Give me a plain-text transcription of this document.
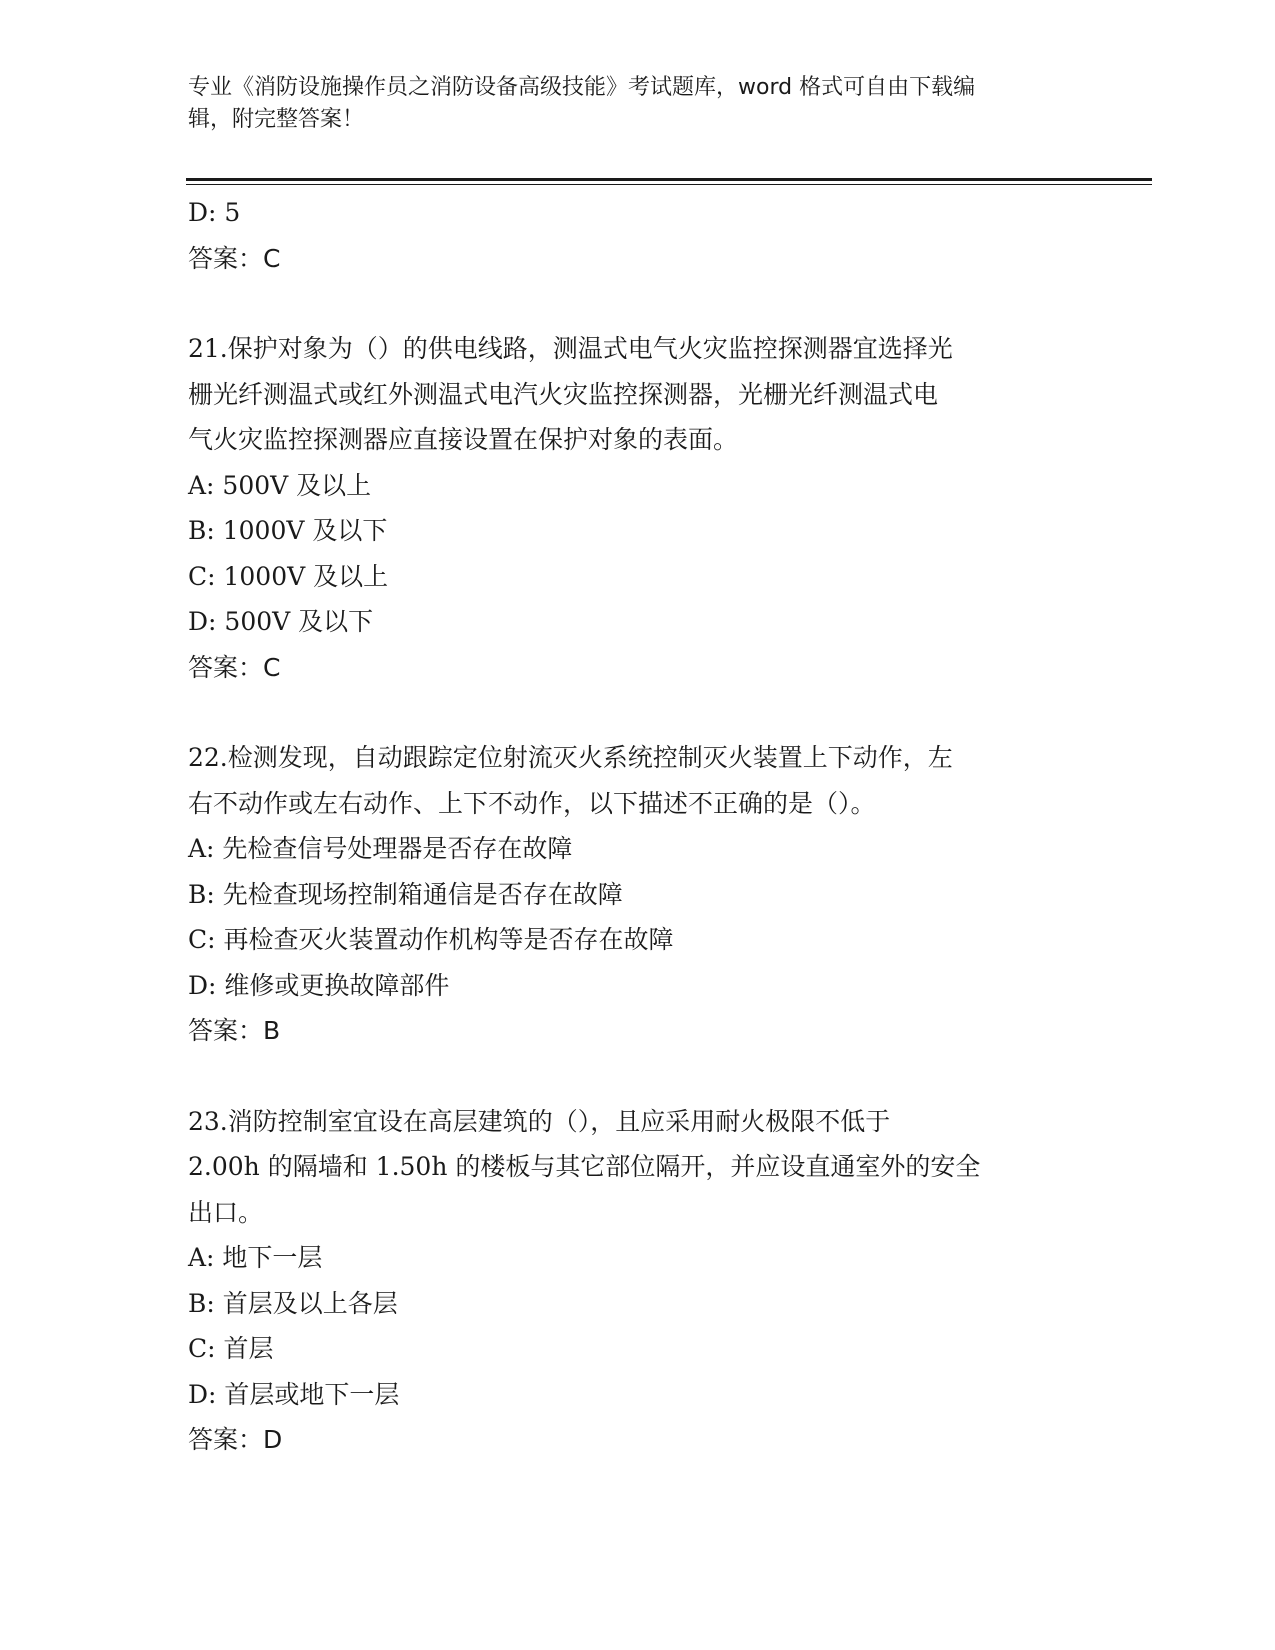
专业《消防设施操作员之消防设备高级技能》考试题库，word 格式可自由下载编
辑，附完整答案！
D: 5
答案：C
21.保护对象为（）的供电线路，测温式电气火灾监控探测器宜选择光
栅光纤测温式或红外测温式电汽火灾监控探测器，光栅光纤测温式电
气火灾监控探测器应直接设置在保护对象的表面。
A: 500V 及以上
B: 1000V 及以下
C: 1000V 及以上
D: 500V 及以下
答案：C
22.检测发现，自动跟踪定位射流灭火系统控制灭火装置上下动作，左
右不动作或左右动作、上下不动作，以下描述不正确的是（）。
A: 先检查信号处理器是否存在故障
B: 先检查现场控制箱通信是否存在故障
C: 再检查灭火装置动作机构等是否存在故障
D: 维修或更换故障部件
答案：B
23.消防控制室宜设在高层建筑的（），且应采用耐火极限不低于
2.00h 的隔墙和 1.50h 的楼板与其它部位隔开，并应设直通室外的安全
出口。
A: 地下一层
B: 首层及以上各层
C: 首层
D: 首层或地下一层
答案：D
